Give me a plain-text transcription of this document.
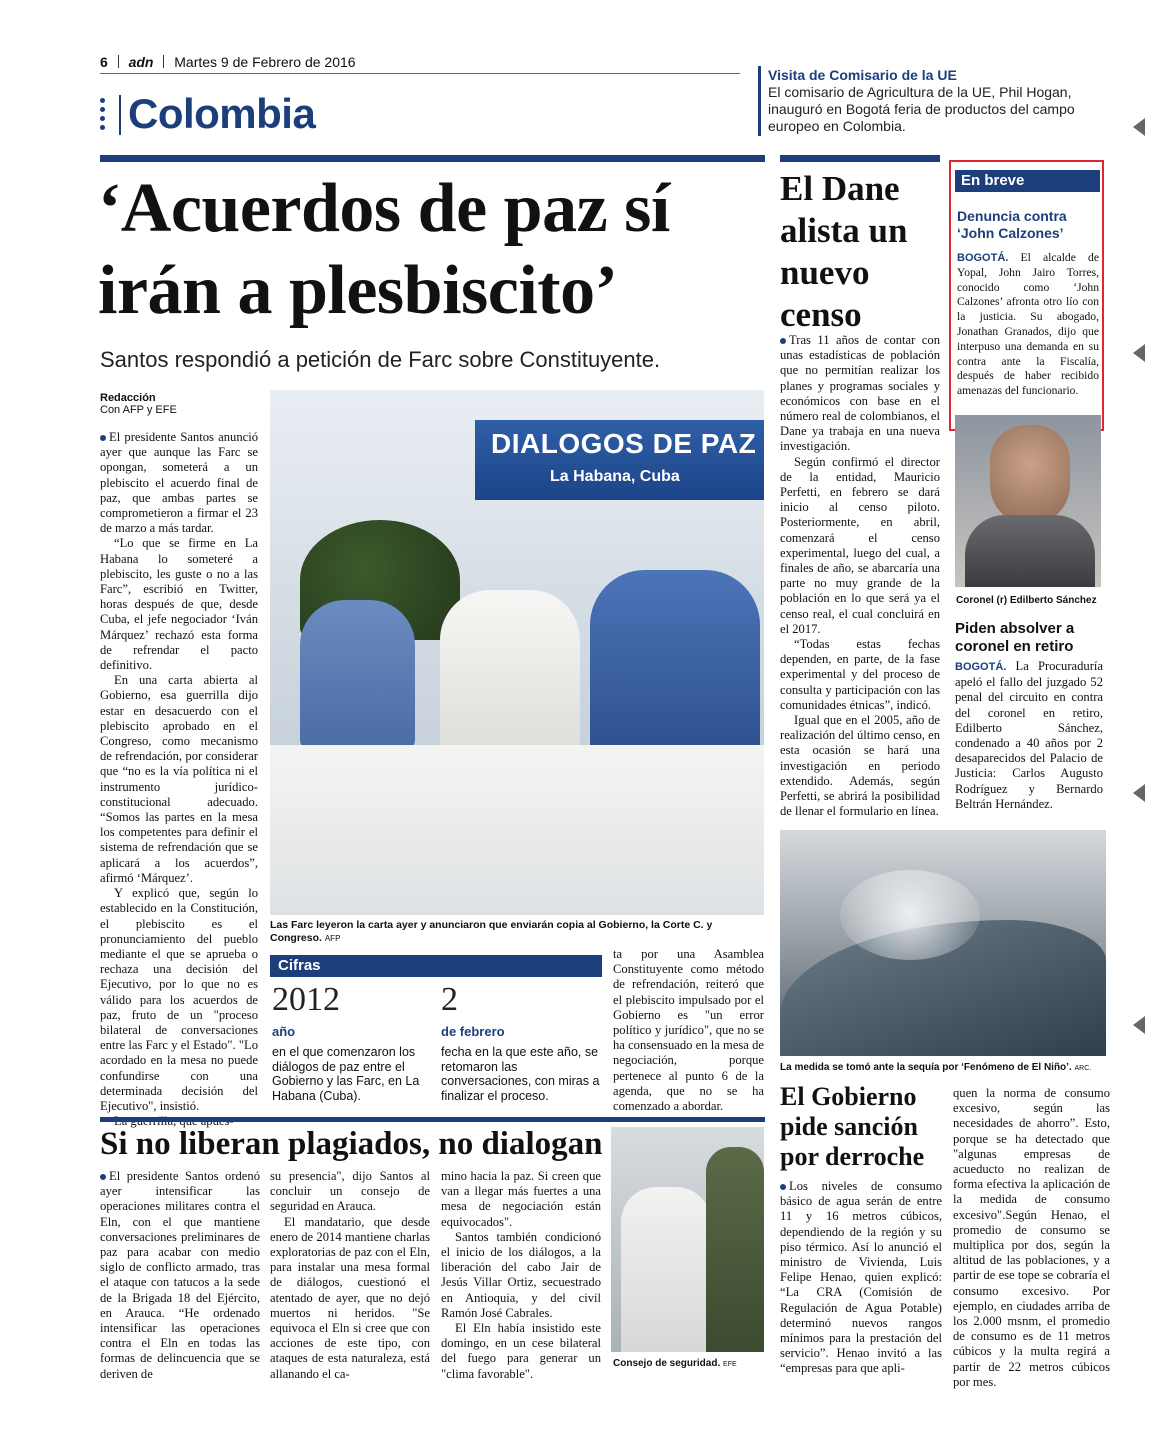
6 adn Martes 9 de Febrero de 2016
Colombia
Visita de Comisario de la UE
El comisario de Agricultura de la UE, Phil Hogan, inauguró en Bogotá feria de productos del campo europeo en Colombia.
‘Acuerdos de paz sí
irán a plesbiscito’
Santos respondió a petición de Farc sobre Constituyente.
Redacción
Con AFP y EFE

El presidente Santos anunció ayer que aunque las Farc se opongan, someterá a un plebiscito el acuerdo final de paz, que ambas partes se comprometieron a firmar el 23 de marzo a más tardar.

“Lo que se firme en La Habana lo someteré a plebiscito, les guste o no a las Farc”, escribió en Twitter, horas después de que, desde Cuba, el jefe negociador ‘Iván Márquez’ rechazó esta forma de refrendar el pacto definitivo.

En una carta abierta al Gobierno, esa guerrilla dijo estar en desacuerdo con el plebiscito aprobado en el Congreso, como mecanismo de refrendación, por considerar que “no es la vía política ni el instrumento jurídico-constitucional adecuado. “Somos las partes en la mesa los competentes para definir el sistema de refrendación que se aplicará a los acuerdos”, afirmó ‘Márquez’.

Y explicó que, según lo establecido en la Constitución, el plebiscito es el pronunciamiento del pueblo mediante el que se aprueba o rechaza una decisión del Ejecutivo, por lo que no es válido para los acuerdos de paz, fruto de un "proceso bilateral de conversaciones entre las Farc y el Estado". "Lo acordado en la mesa no puede confundirse con una determinada decisión del Ejecutivo", insistió.

DIALOGOS DE PAZ
La Habana, Cuba
Las Farc leyeron la carta ayer y anunciaron que enviarán copia al Gobierno, la Corte C. y Congreso. AFP
Cifras
2012
año
en el que comenzaron los diálogos de paz entre el Gobierno y las Farc, en La Habana (Cuba).
2
de febrero
fecha en la que este año, se retomaron las conversaciones, con miras a finalizar el proceso.
ta por una Asamblea Constituyente como método de refrendación, reiteró que el plebiscito impulsado por el Gobierno es "un error político y jurídico", que no se ha consensuado en la mesa de negociación, porque pertenece al punto 6 de la agenda, que no se ha comenzado a abordar.
El Dane alista un nuevo censo

Tras 11 años de contar con unas estadísticas de población que no permitían realizar los planes y programas sociales y económicos con base en el número real de colombianos, el Dane ya trabaja en una nueva investigación.

Según confirmó el director de la entidad, Mauricio Perfetti, en febrero se dará inicio al censo piloto. Posteriormente, en abril, comenzará el censo experimental, luego del cual, a finales de año, se abarcaría una parte no muy grande de la población en lo que será ya el censo real, el cual concluirá en el 2017.

“Todas estas fechas dependen, en parte, de la fase experimental y del proceso de consulta y participación con las comunidades étnicas”, indicó.

Igual que en el 2005, año de realización del último censo, en esta ocasión se hará una investigación en periodo extendido. Además, según Perfetti, se abrirá la posibilidad de llenar el formulario en línea.

En breve
Denuncia contra ‘John Calzones’
BOGOTÁ. El alcalde de Yopal, John Jairo Torres, conocido como ‘John Calzones’ afronta otro lío con la justicia. Su abogado, Jonathan Granados, dijo que interpuso una demanda en su contra ante la Fiscalía, después de haber recibido amenazas del funcionario.
Coronel (r) Edilberto Sánchez
Piden absolver a coronel en retiro
BOGOTÁ. La Procuraduría apeló el fallo del juzgado 52 penal del circuito en contra del coronel en retiro, Edilberto Sánchez, condenado a 40 años por 2 desaparecidos del Palacio de Justicia: Carlos Augusto Rodríguez y Bernardo Beltrán Hernández.
La medida se tomó ante la sequía por ‘Fenómeno de El Niño’. ARC.
Si no liberan plagiados, no dialogan

El presidente Santos ordenó ayer intensificar las operaciones militares contra el Eln, con el que mantiene conversaciones preliminares de paz para acabar con medio siglo de conflicto armado, tras el ataque con tatucos a la sede de la Brigada 18 del Ejército, en Arauca. “He ordenado intensificar las operaciones contra el Eln en todas las formas de delincuencia que se deriven de

su presencia", dijo Santos al concluir un consejo de seguridad en Arauca.

El mandatario, que desde enero de 2014 mantiene charlas exploratorias de paz con el Eln, para instalar una mesa formal de diálogos, cuestionó el atentado de ayer, que no dejó muertos ni heridos. "Se equivoca el Eln si cree que con acciones de este tipo, con ataques de esta naturaleza, está allanando el ca-

mino hacia la paz. Si creen que van a llegar más fuertes a una mesa de negociación están equivocados".

Santos también condicionó el inicio de los diálogos, a la liberación del cabo Jair de Jesús Villar Ortiz, secuestrado en Antioquia, y del civil Ramón José Cabrales.

El Eln había insistido este domingo, en un cese bilateral del fuego para generar un "clima favorable".

Consejo de seguridad. EFE
El Gobierno pide sanción por derroche

Los niveles de consumo básico de agua serán de entre 11 y 16 metros cúbicos, dependiendo de la región y su piso térmico. Así lo anunció el ministro de Vivienda, Luis Felipe Henao, quien explicó: “La CRA (Comisión de Regulación de Agua Potable) determinó nuevos rangos mínimos para la prestación del servicio”. Henao invitó a las “empresas para que apli-

quen la norma de consumo excesivo, según las necesidades de ahorro”. Esto, porque se ha detectado que "algunas empresas de acueducto no realizan de forma efectiva la aplicación de la medida de consumo excesivo".Según Henao, el promedio de consumo se multiplica por dos, según la altitud de las poblaciones, y a partir de ese tope se cobraría el consumo excesivo. Por ejemplo, en ciudades arriba de los 2.000 msnm, el promedio de consumo es de 11 metros cúbicos y la multa regirá a partir de 22 metros cúbicos por mes.
